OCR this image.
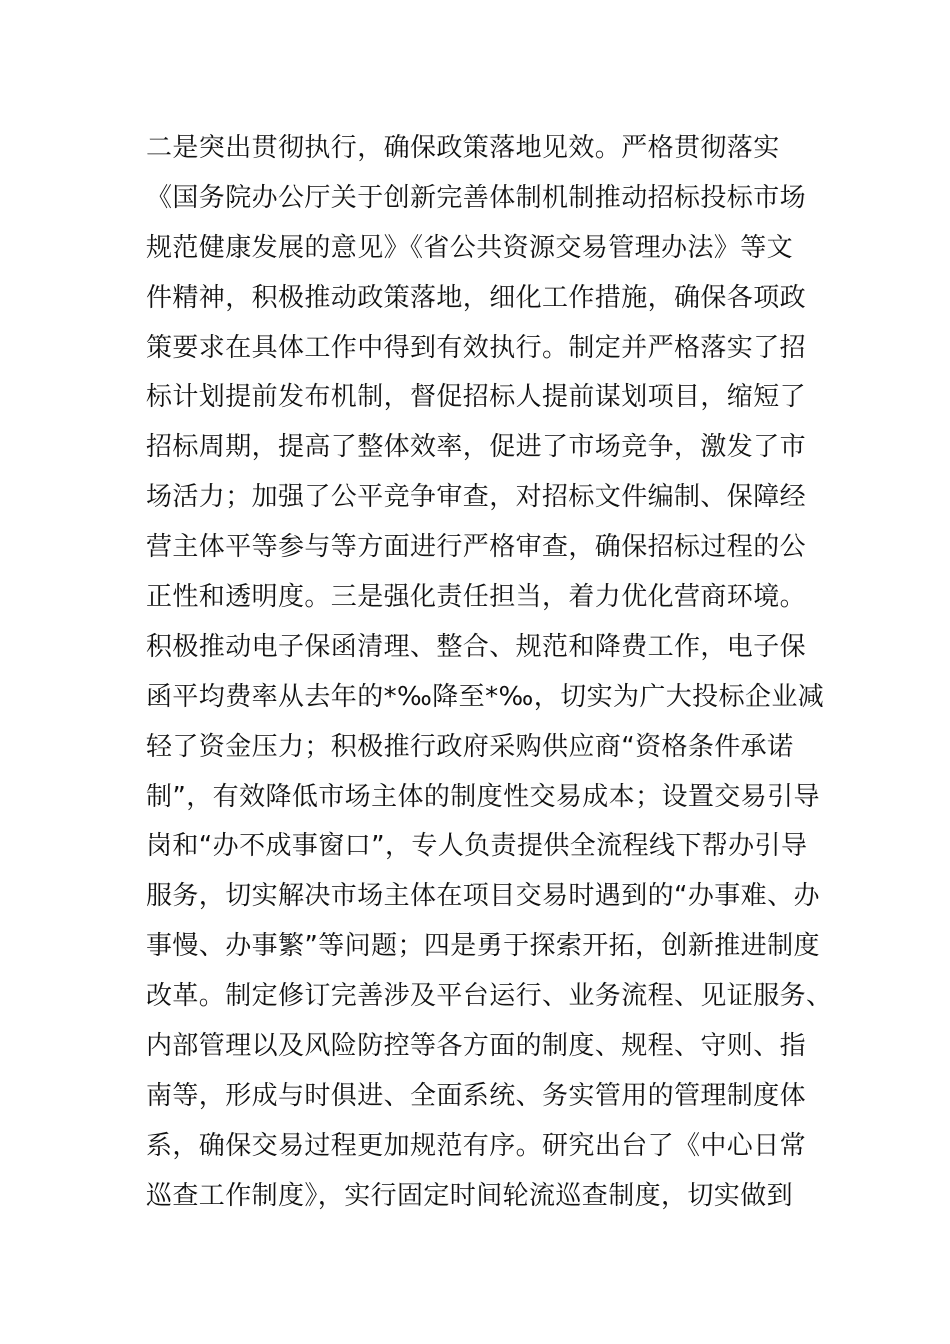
二是突出贯彻执行，确保政策落地见效。严格贯彻落实
《国务院办公厅关于创新完善体制机制推动招标投标市场
规范健康发展的意见》《省公共资源交易管理办法》等文
件精神，积极推动政策落地，细化工作措施，确保各项政
策要求在具体工作中得到有效执行。制定并严格落实了招
标计划提前发布机制，督促招标人提前谋划项目，缩短了
招标周期，提高了整体效率，促进了市场竞争，激发了市
场活力；加强了公平竞争审查，对招标文件编制、保障经
营主体平等参与等方面进行严格审查，确保招标过程的公
正性和透明度。三是强化责任担当，着力优化营商环境。
积极推动电子保函清理、整合、规范和降费工作，电子保
函平均费率从去年的*‰降至*‰，切实为广大投标企业减
轻了资金压力；积极推行政府采购供应商“资格条件承诺
制”，有效降低市场主体的制度性交易成本；设置交易引导
岗和“办不成事窗口”，专人负责提供全流程线下帮办引导
服务，切实解决市场主体在项目交易时遇到的“办事难、办
事慢、办事繁”等问题；四是勇于探索开拓，创新推进制度
改革。制定修订完善涉及平台运行、业务流程、见证服务、
内部管理以及风险防控等各方面的制度、规程、守则、指
南等，形成与时俱进、全面系统、务实管用的管理制度体
系，确保交易过程更加规范有序。研究出台了《中心日常
巡查工作制度》，实行固定时间轮流巡查制度，切实做到
